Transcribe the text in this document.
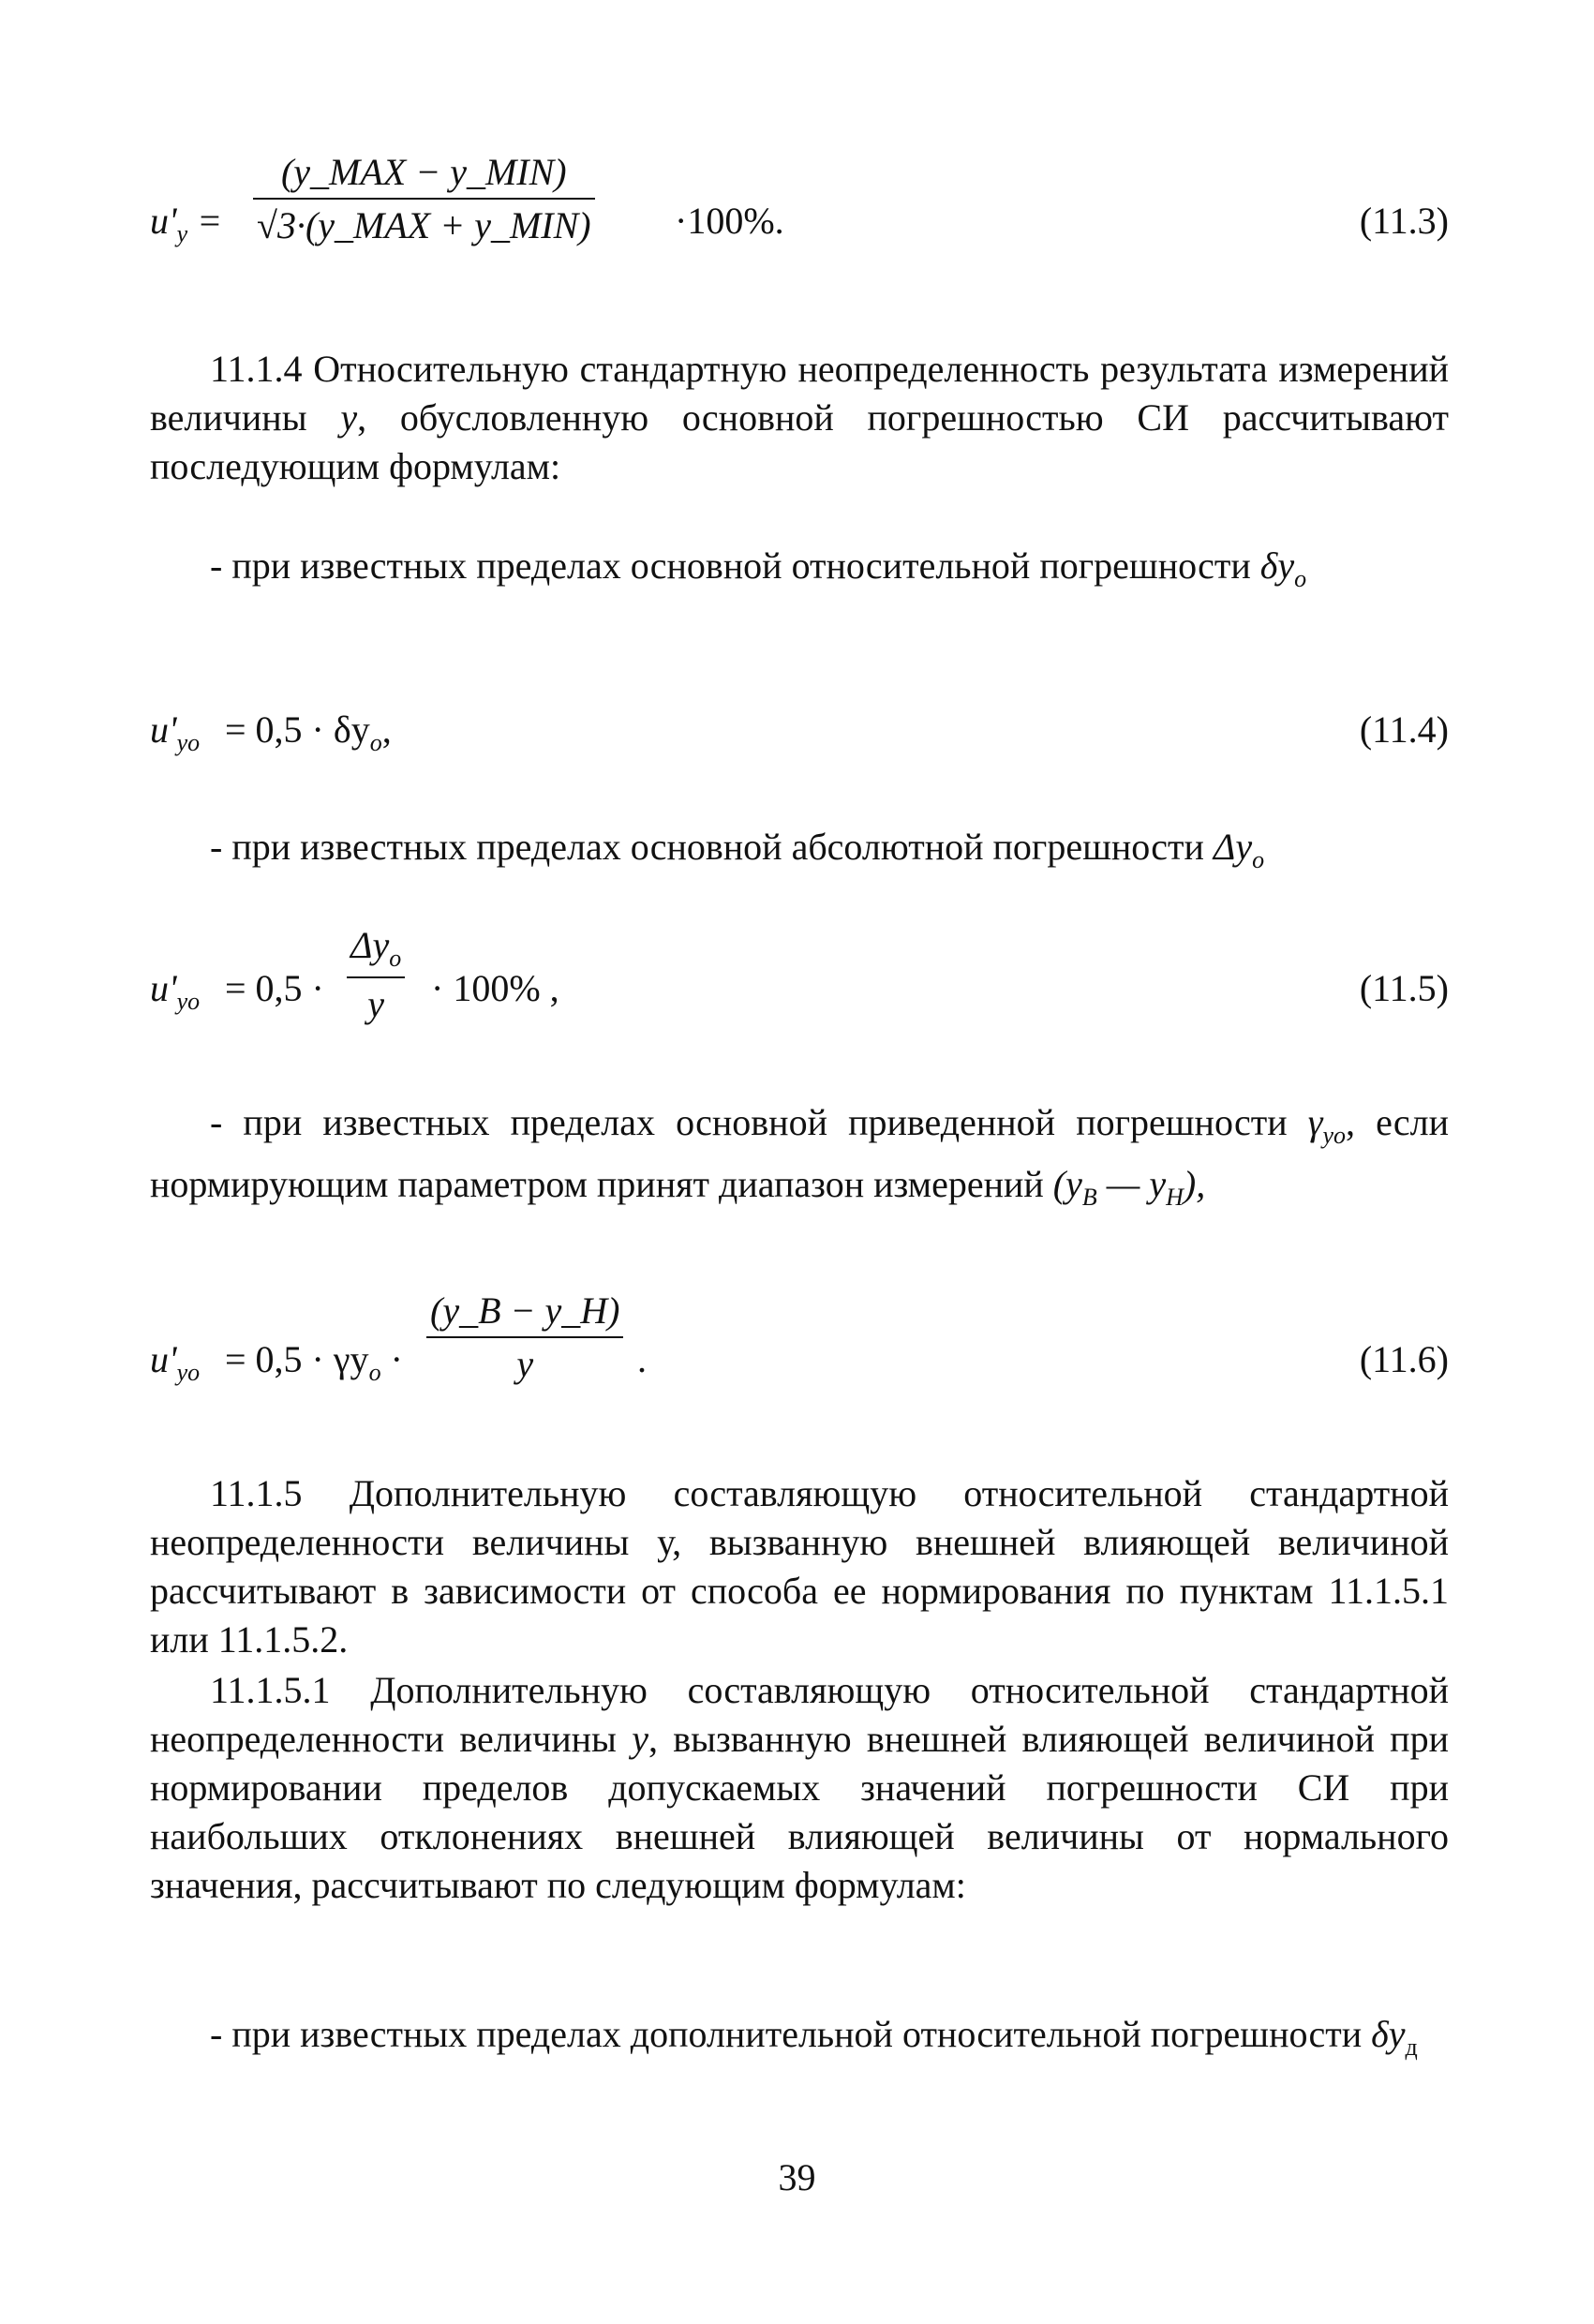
$u'_y$ =
(y_MAX − y_MIN)
√3·(y_MAX + y_MIN) ·100%.	(11.3)

11.1.4 Относительную стандартную неопределенность результата измерений величины у, обусловленную основной погрешностью СИ рассчитывают последующим формулам:

- при известных пределах основной относительной погрешности $\delta y_o$

$u'_{yo} = 0,5 \cdot \delta y_o$,	(11.4)

- при известных пределах основной абсолютной погрешности $\Delta y_o$

$u'_{yo} = 0,5$ ·
$\Delta y_o$
y	· 100% ,	(11.5)

- при известных пределах основной приведенной погрешности $\gamma_{yo}$, если нормирующим параметром принят диапазон измерений ($y_B$ — $y_H$),

$u'_{yo} = 0,5 \cdot \gamma y_o \cdot \frac{(y\_B - y\_H)}{y}$ .	(11.6)

11.1.5 Дополнительную составляющую относительной стандартной неопределенности величины у, вызванную внешней влияющей величиной рассчитывают в зависимости от способа ее нормирования по пунктам 11.1.5.1 или 11.1.5.2.

11.1.5.1 Дополнительную составляющую относительной стандартной неопределенности величины у, вызванную внешней влияющей величиной при нормировании пределов допускаемых значений погрешности СИ при наибольших отклонениях внешней влияющей величины от нормального значения, рассчитывают по следующим формулам:

- при известных пределах дополнительной относительной погрешности $\delta y_д$

39
